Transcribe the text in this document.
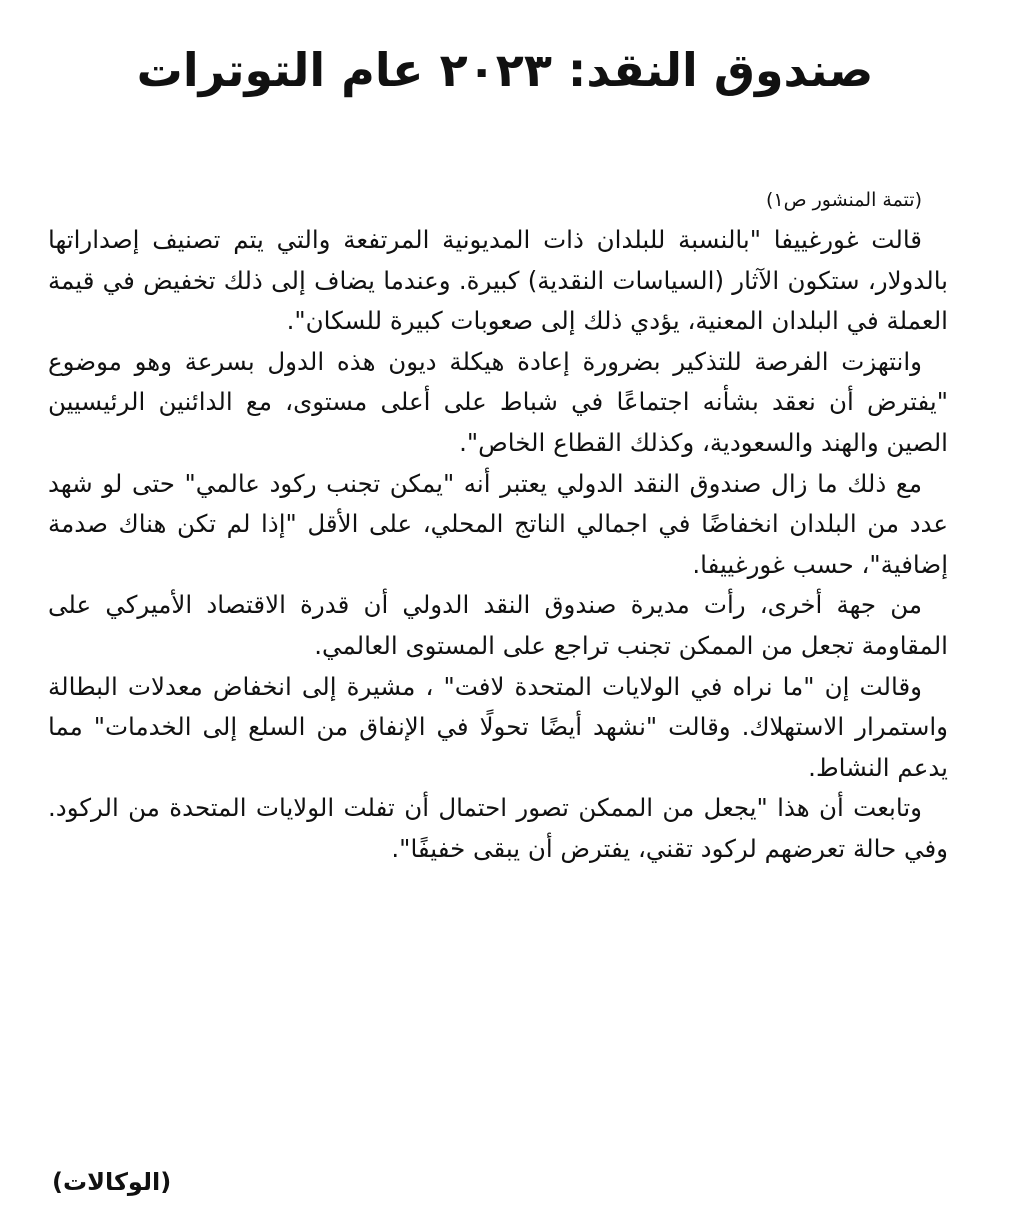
صندوق النقد: ٢٠٢٣ عام التوترات
(تتمة المنشور ص١)

قالت غورغييفا "بالنسبة للبلدان ذات المديونية المرتفعة والتي يتم تصنيف إصداراتها بالدولار، ستكون الآثار (السياسات النقدية) كبيرة. وعندما يضاف إلى ذلك تخفيض في قيمة العملة في البلدان المعنية، يؤدي ذلك إلى صعوبات كبيرة للسكان".

وانتهزت الفرصة للتذكير بضرورة إعادة هيكلة ديون هذه الدول بسرعة وهو موضوع "يفترض أن نعقد بشأنه اجتماعًا في شباط على أعلى مستوى، مع الدائنين الرئيسيين الصين والهند والسعودية، وكذلك القطاع الخاص".

مع ذلك ما زال صندوق النقد الدولي يعتبر أنه "يمكن تجنب ركود عالمي" حتى لو شهد عدد من البلدان انخفاضًا في اجمالي الناتج المحلي، على الأقل "إذا لم تكن هناك صدمة إضافية"، حسب غورغييفا.

من جهة أخرى، رأت مديرة صندوق النقد الدولي أن قدرة الاقتصاد الأميركي على المقاومة تجعل من الممكن تجنب تراجع على المستوى العالمي.

وقالت إن "ما نراه في الولايات المتحدة لافت" ، مشيرة إلى انخفاض معدلات البطالة واستمرار الاستهلاك. وقالت "نشهد أيضًا تحولًا في الإنفاق من السلع إلى الخدمات" مما يدعم النشاط.

وتابعت أن هذا "يجعل من الممكن تصور احتمال أن تفلت الولايات المتحدة من الركود. وفي حالة تعرضهم لركود تقني، يفترض أن يبقى خفيفًا".

(الوكالات)
